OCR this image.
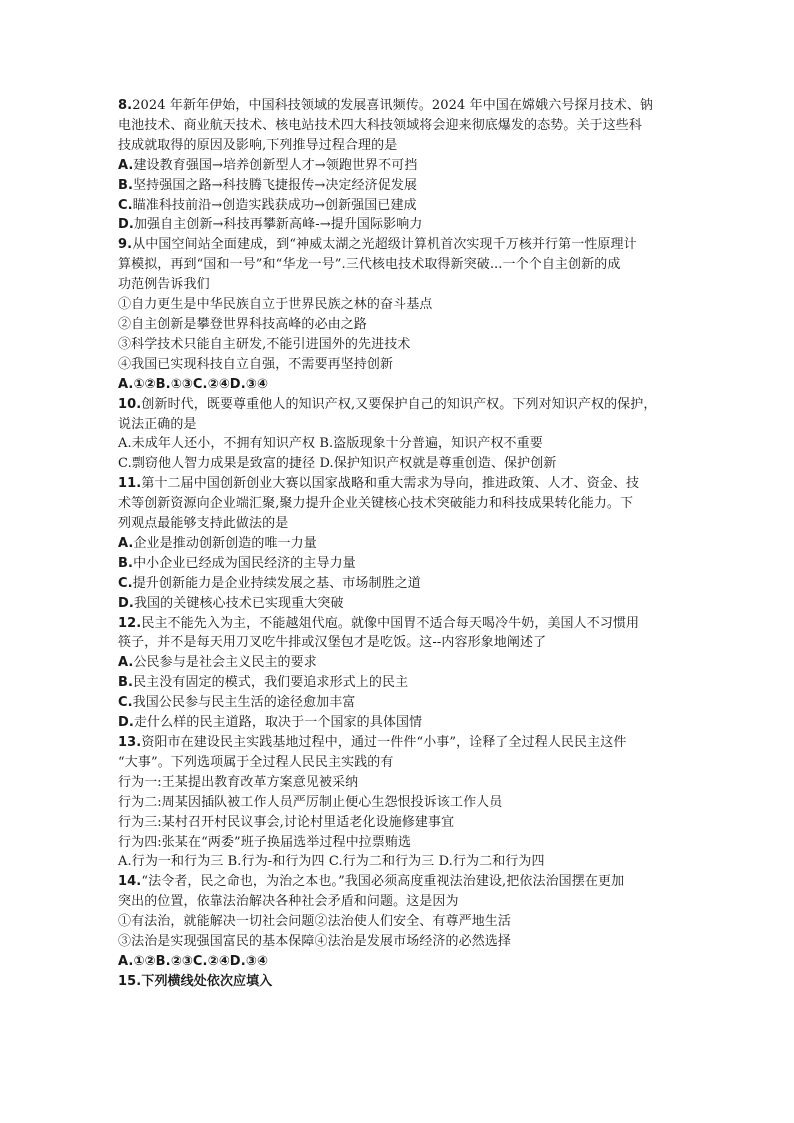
8.2024 年新年伊始，中国科技领域的发展喜讯频传。2024 年中国在嫦娥六号探月技术、钠
电池技术、商业航天技术、核电站技术四大科技领域将会迎来彻底爆发的态势。关于这些科
技成就取得的原因及影响,下列推导过程合理的是
A.建设教育强国→培养创新型人才→领跑世界不可挡
B.坚持强国之路→科技腾飞捷报传→决定经济促发展
C.瞄准科技前沿→创造实践获成功→创新强国已建成
D.加强自主创新→科技再攀新高峰-→提升国际影响力
9.从中国空间站全面建成，到“神威太湖之光超级计算机首次实现千万核并行第一性原理计
算模拟，再到“国和一号”和“华龙一号”.三代核电技术取得新突破...一个个自主创新的成
功范例告诉我们
①自力更生是中华民族自立于世界民族之林的奋斗基点
②自主创新是攀登世界科技高峰的必由之路
③科学技术只能自主研发,不能引进国外的先进技术
④我国已实现科技自立自强，不需要再坚持创新
A.①②B.①③C.②④D.③④
10.创新时代，既要尊重他人的知识产权,又要保护自己的知识产权。下列对知识产权的保护，
说法正确的是
A.未成年人还小，不拥有知识产权 B.盗版现象十分普遍，知识产权不重要
C.剽窃他人智力成果是致富的捷径 D.保护知识产权就是尊重创造、保护创新
11.第十二届中国创新创业大赛以国家战略和重大需求为导向，推进政策、人才、资金、技
术等创新资源向企业端汇聚,聚力提升企业关键核心技术突破能力和科技成果转化能力。下
列观点最能够支持此做法的是
A.企业是推动创新创造的唯一力量
B.中小企业已经成为国民经济的主导力量
C.提升创新能力是企业持续发展之基、市场制胜之道
D.我国的关键核心技术已实现重大突破
12.民主不能先入为主，不能越俎代庖。就像中国胃不适合每天喝冷牛奶，美国人不习惯用
筷子，并不是每天用刀叉吃牛排或汉堡包才是吃饭。这--内容形象地阐述了
A.公民参与是社会主义民主的要求
B.民主没有固定的模式，我们要追求形式上的民主
C.我国公民参与民主生活的途径愈加丰富
D.走什么样的民主道路，取决于一个国家的具体国情
13.资阳市在建设民主实践基地过程中，通过一件件“小事”，诠释了全过程人民民主这件
“大事”。下列选项属于全过程人民民主实践的有
行为一:王某提出教育改革方案意见被采纳
行为二:周某因插队被工作人员严厉制止便心生怨恨投诉该工作人员
行为三:某村召开村民议事会,讨论村里适老化设施修建事宜
行为四:张某在“两委”班子换届选举过程中拉票贿选
A.行为一和行为三 B.行为-和行为四 C.行为二和行为三 D.行为二和行为四
14.“法令者，民之命也，为治之本也。”我国必须高度重视法治建设,把依法治国摆在更加
突出的位置，依靠法治解决各种社会矛盾和问题。这是因为
①有法治，就能解决一切社会问题②法治使人们安全、有尊严地生活
③法治是实现强国富民的基本保障④法治是发展市场经济的必然选择
A.①②B.②③C.②④D.③④
15.下列横线处依次应填入
